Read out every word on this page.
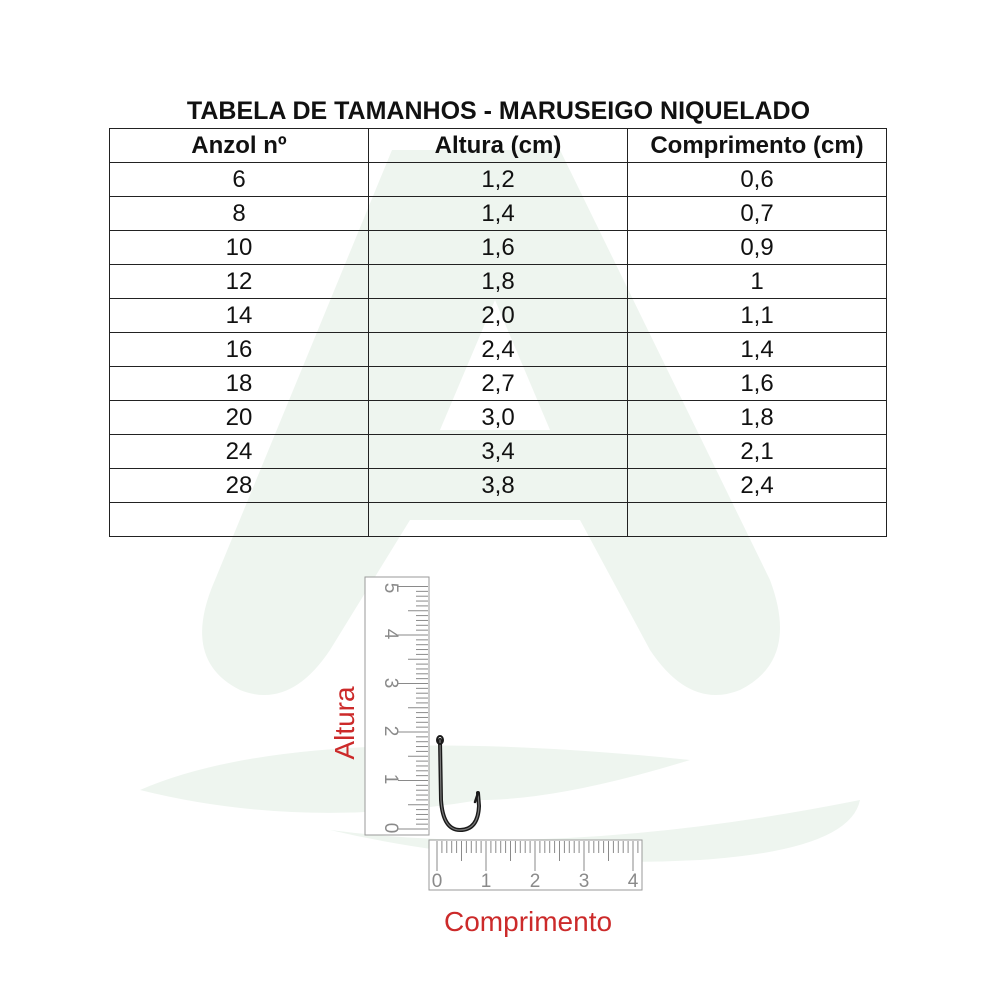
TABELA DE TAMANHOS - MARUSEIGO NIQUELADO
Anzol nº	Altura (cm)	Comprimento (cm)
6	1,2	0,6
8	1,4	0,7
10	1,6	0,9
12	1,8	1
14	2,0	1,1
16	2,4	1,4
18	2,7	1,6
20	3,0	1,8
24	3,4	2,1
28	3,8	2,4

0
1
2
3
4
5
0 1 2 3 4
Altura
Comprimento
